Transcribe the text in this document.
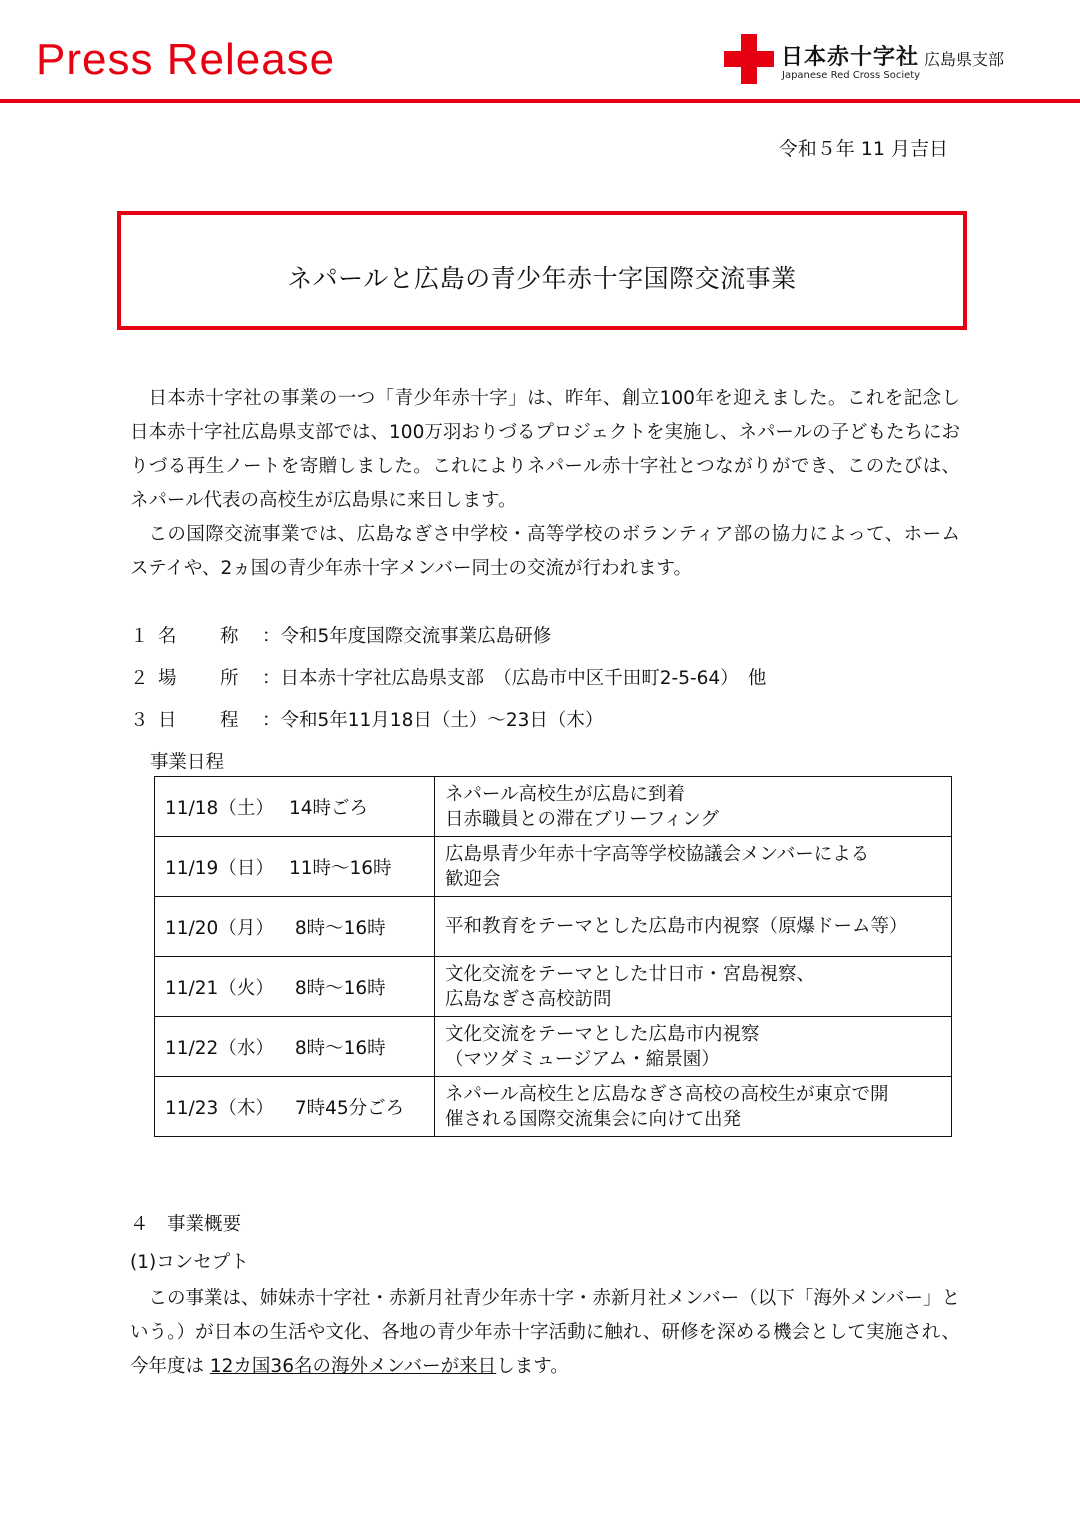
Press Release	日本赤十字社
Japanese Red Cross Society
広島県支部
令和５年 11 月吉日
ネパールと広島の青少年赤十字国際交流事業

日本赤十字社の事業の一つ「青少年赤十字」は、昨年、創立100年を迎えました。これを記念し日本赤十字社広島県支部では、100万羽おりづるプロジェクトを実施し、ネパールの子どもたちにおりづる再生ノートを寄贈しました。これによりネパール赤十字社とつながりができ、このたびは、ネパール代表の高校生が広島県に来日します。

この国際交流事業では、広島なぎさ中学校・高等学校のボランティア部の協力によって、ホームステイや、2ヵ国の青少年赤十字メンバー同士の交流が行われます。

１ 名 称 ：令和5年度国際交流事業広島研修
２ 場 所 ：日本赤十字社広島県支部　（広島市中区千田町2-5-64）　他
３ 日 程 ：令和5年11月18日（土）～23日（木）
事業日程
11/18（土）　 14時ごろ	ネパール高校生が広島に到着
日赤職員との滞在ブリーフィング

11/19（日）　 11時～16時	広島県青少年赤十字高等学校協議会メンバーによる
歓迎会

11/20（月）　  8時～16時	平和教育をテーマとした広島市内視察（原爆ドーム等）

11/21（火）　  8時～16時	文化交流をテーマとした廿日市・宮島視察、
広島なぎさ高校訪問

11/22（水）　  8時～16時	文化交流をテーマとした広島市内視察
（マツダミュージアム・縮景園）

11/23（木）　  7時45分ごろ	ネパール高校生と広島なぎさ高校の高校生が東京で開
催される国際交流集会に向けて出発
４　事業概要
(1)コンセプト

この事業は、姉妹赤十字社・赤新月社青少年赤十字・赤新月社メンバー（以下「海外メンバー」という。）が日本の生活や文化、各地の青少年赤十字活動に触れ、研修を深める機会として実施され、今年度は 12カ国36名の海外メンバーが来日します。
